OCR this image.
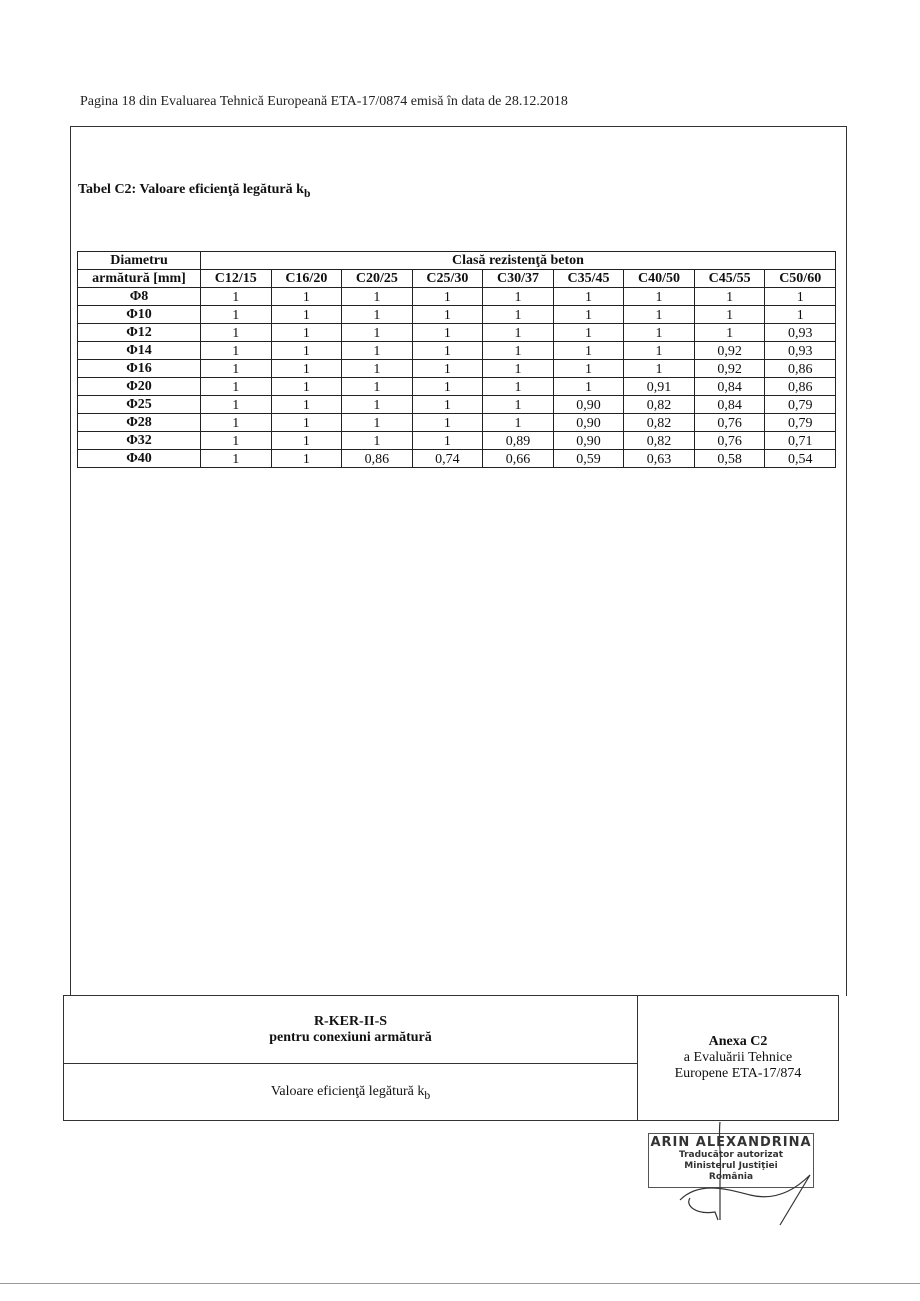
Pagina 18 din Evaluarea Tehnică Europeană ETA-17/0874 emisă în data de 28.12.2018
Tabel C2: Valoare eficienţă legătură $k_b$
Diametru	Clasă rezistenţă beton								
armătură [mm]	C12/15	C16/20	C20/25	C25/30	C30/37	C35/45	C40/50	C45/55	C50/60
Φ8	1	1	1	1	1	1	1	1	1
Φ10	1	1	1	1	1	1	1	1	1
Φ12	1	1	1	1	1	1	1	1	0,93
Φ14	1	1	1	1	1	1	1	0,92	0,93
Φ16	1	1	1	1	1	1	1	0,92	0,86
Φ20	1	1	1	1	1	1	0,91	0,84	0,86
Φ25	1	1	1	1	1	0,90	0,82	0,84	0,79
Φ28	1	1	1	1	1	0,90	0,82	0,76	0,79
Φ32	1	1	1	1	0,89	0,90	0,82	0,76	0,71
Φ40	1	1	0,86	0,74	0,66	0,59	0,63	0,58	0,54
R-KER-II-S
pentru conexiuni armătură
Valoare eficienţă legătură $k_b$
Anexa C2
a Evaluării Tehnice
Europene ETA-17/874
ARIN ALEXANDRINA
Traducător autorizat
Ministerul Justiţiei
România
